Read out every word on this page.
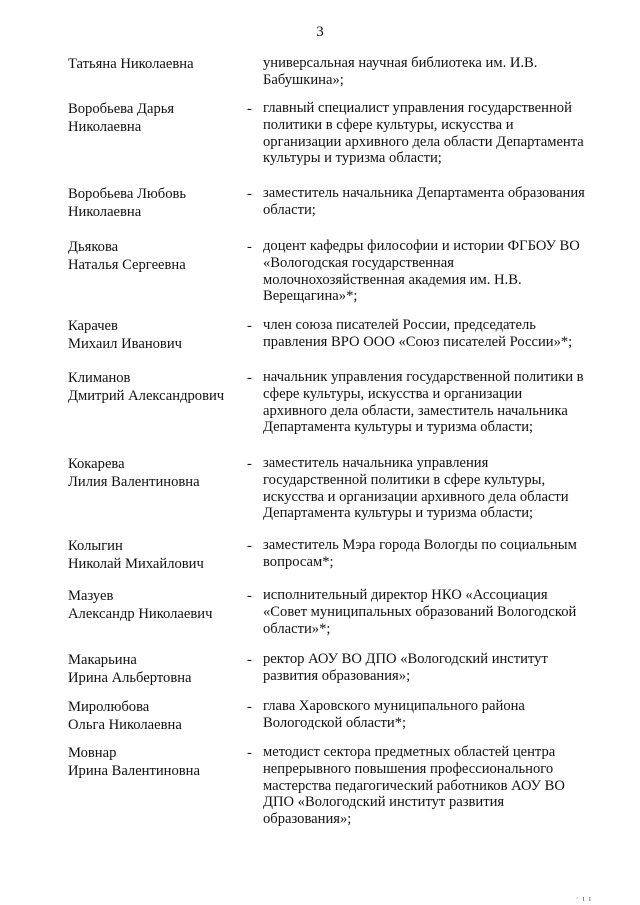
3
Татьяна Николаевна	универсальная научная библиотека им. И.В.
Бабушкина»;
Воробьева Дарья
Николаевна
- главный специалист управления государственной
политики в сфере культуры, искусства и
организации архивного дела области Департамента
культуры и туризма области;
Воробьева Любовь
Николаевна
- заместитель начальника Департамента образования
области;
Дьякова
Наталья Сергеевна
- доцент кафедры философии и истории ФГБОУ ВО
«Вологодская государственная
молочнохозяйственная академия им. Н.В.
Верещагина»*;
Карачев
Михаил Иванович
- член союза писателей России, председатель
правления ВРО ООО «Союз писателей России»*;
Климанов
Дмитрий Александрович
- начальник управления государственной политики в
сфере культуры, искусства и организации
архивного дела области, заместитель начальника
Департамента культуры и туризма области;
Кокарева
Лилия Валентиновна
- заместитель начальника управления
государственной политики в сфере культуры,
искусства и организации архивного дела области
Департамента культуры и туризма области;
Колыгин
Николай Михайлович
- заместитель Мэра города Вологды по социальным
вопросам*;
Мазуев
Александр Николаевич
- исполнительный директор НКО «Ассоциация
«Совет муниципальных образований Вологодской
области»*;
Макарьина
Ирина Альбертовна
- ректор АОУ ВО ДПО «Вологодский институт
развития образования»;
Миролюбова
Ольга Николаевна
- глава Харовского муниципального района
Вологодской области*;
Мовнар
Ирина Валентиновна
- методист сектора предметных областей центра
непрерывного повышения профессионального
мастерства педагогический работников АОУ ВО
ДПО «Вологодский институт развития
образования»;
· ı ı
